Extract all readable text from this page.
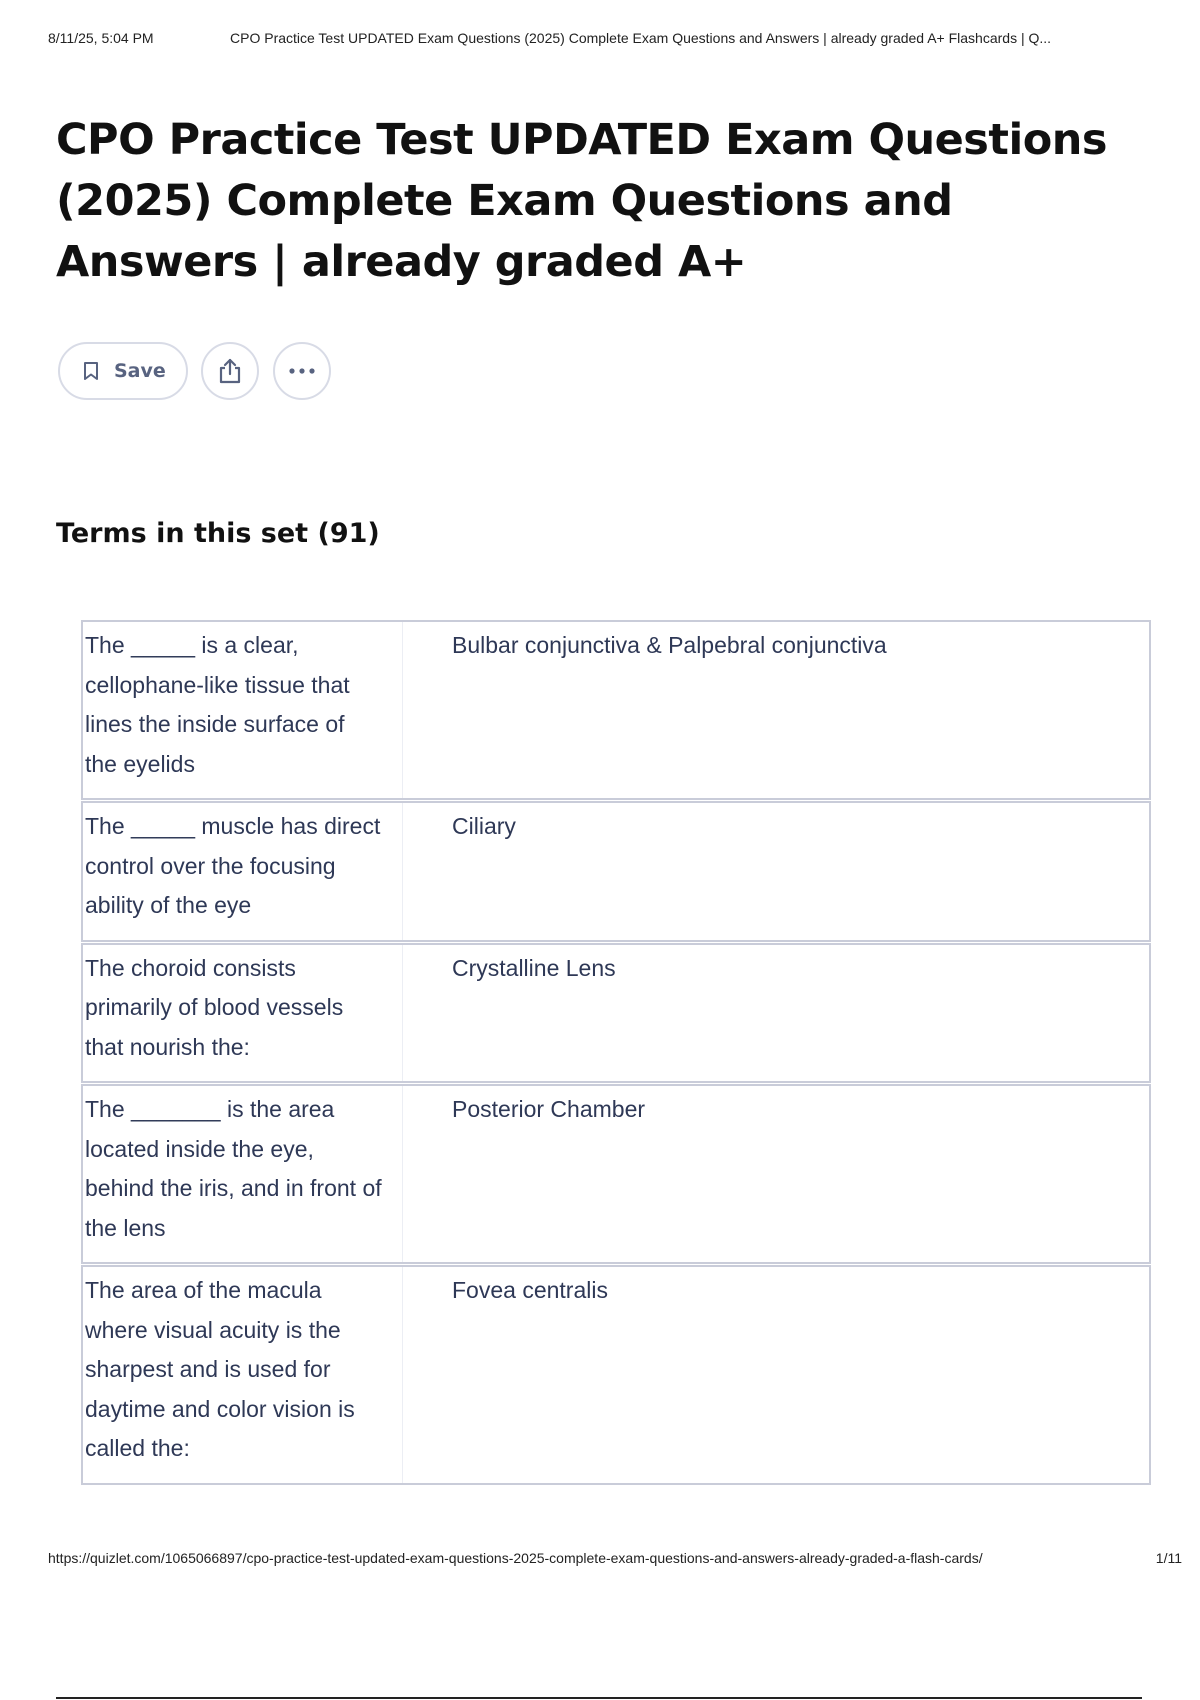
8/11/25, 5:04 PM	CPO Practice Test UPDATED Exam Questions (2025) Complete Exam Questions and Answers | already graded A+ Flashcards | Q...
CPO Practice Test UPDATED Exam Questions (2025) Complete Exam Questions and Answers | already graded A+
Save
Terms in this set (91)
The _____ is a clear, cellophane-like tissue that lines the inside surface of the eyelids
Bulbar conjunctiva & Palpebral conjunctiva
The _____ muscle has direct control over the focusing ability of the eye
Ciliary
The choroid consists primarily of blood vessels that nourish the:
Crystalline Lens
The _______ is the area located inside the eye, behind the iris, and in front of the lens
Posterior Chamber
The area of the macula where visual acuity is the sharpest and is used for daytime and color vision is called the:
Fovea centralis
https://quizlet.com/1065066897/cpo-practice-test-updated-exam-questions-2025-complete-exam-questions-and-answers-already-graded-a-flash-cards/	1/11
